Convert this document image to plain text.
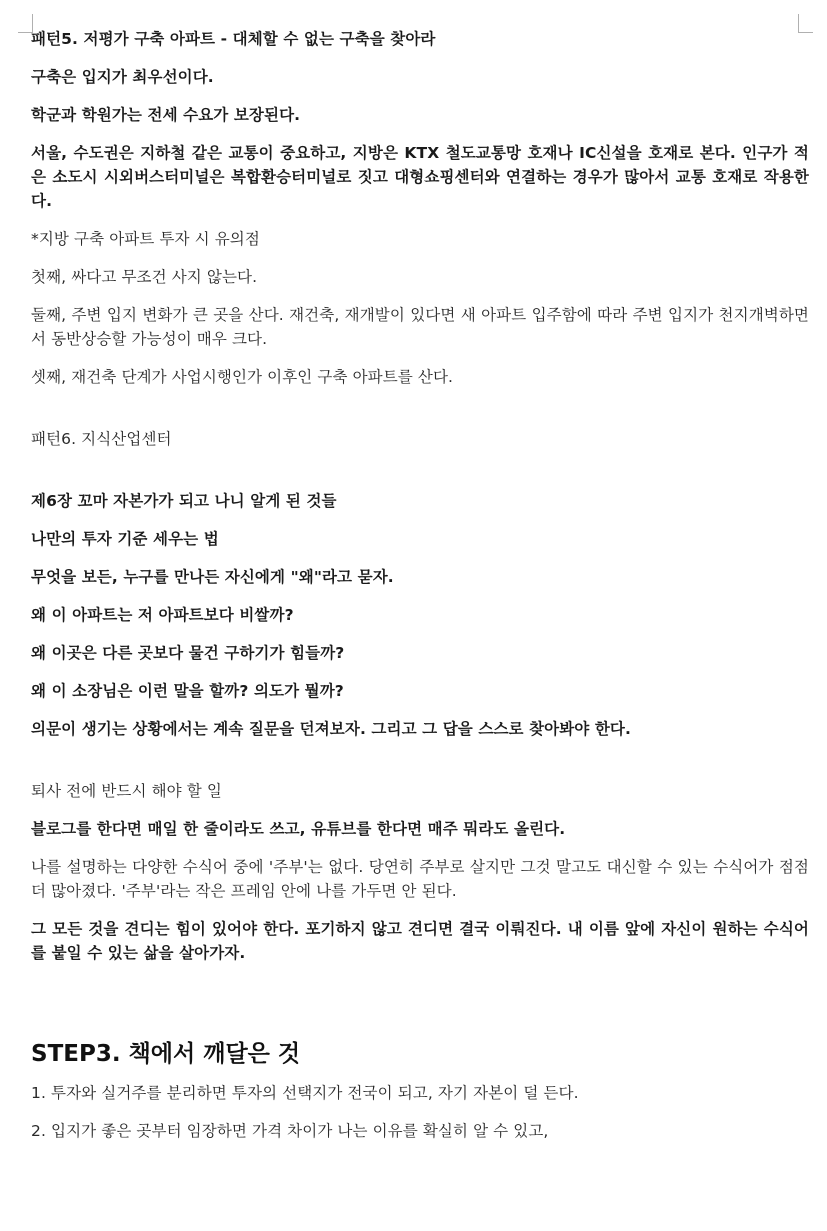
패턴5. 저평가 구축 아파트 - 대체할 수 없는 구축을 찾아라

구축은 입지가 최우선이다.

학군과 학원가는 전세 수요가 보장된다.

서울, 수도권은 지하철 같은 교통이 중요하고, 지방은 KTX 철도교통망 호재나 IC신설을 호재로 본다. 인구가 적은 소도시 시외버스터미널은 복합환승터미널로 짓고 대형쇼핑센터와 연결하는 경우가 많아서 교통 호재로 작용한다.

*지방 구축 아파트 투자 시 유의점

첫째, 싸다고 무조건 사지 않는다.

둘째, 주변 입지 변화가 큰 곳을 산다. 재건축, 재개발이 있다면 새 아파트 입주함에 따라 주변 입지가 천지개벽하면서 동반상승할 가능성이 매우 크다.

셋째, 재건축 단계가 사업시행인가 이후인 구축 아파트를 산다.

패턴6. 지식산업센터

제6장 꼬마 자본가가 되고 나니 알게 된 것들

나만의 투자 기준 세우는 법

무엇을 보든, 누구를 만나든 자신에게 "왜"라고 묻자.

왜 이 아파트는 저 아파트보다 비쌀까?

왜 이곳은 다른 곳보다 물건 구하기가 힘들까?

왜 이 소장님은 이런 말을 할까? 의도가 뭘까?

의문이 생기는 상황에서는 계속 질문을 던져보자. 그리고 그 답을 스스로 찾아봐야 한다.

퇴사 전에 반드시 해야 할 일

블로그를 한다면 매일 한 줄이라도 쓰고, 유튜브를 한다면 매주 뭐라도 올린다.

나를 설명하는 다양한 수식어 중에 '주부'는 없다. 당연히 주부로 살지만 그것 말고도 대신할 수 있는 수식어가 점점 더 많아졌다. '주부'라는 작은 프레임 안에 나를 가두면 안 된다.

그 모든 것을 견디는 힘이 있어야 한다. 포기하지 않고 견디면 결국 이뤄진다. 내 이름 앞에 자신이 원하는 수식어를 붙일 수 있는 삶을 살아가자.

STEP3. 책에서 깨달은 것

1. 투자와 실거주를 분리하면 투자의 선택지가 전국이 되고, 자기 자본이 덜 든다.

2. 입지가 좋은 곳부터 임장하면 가격 차이가 나는 이유를 확실히 알 수 있고,
